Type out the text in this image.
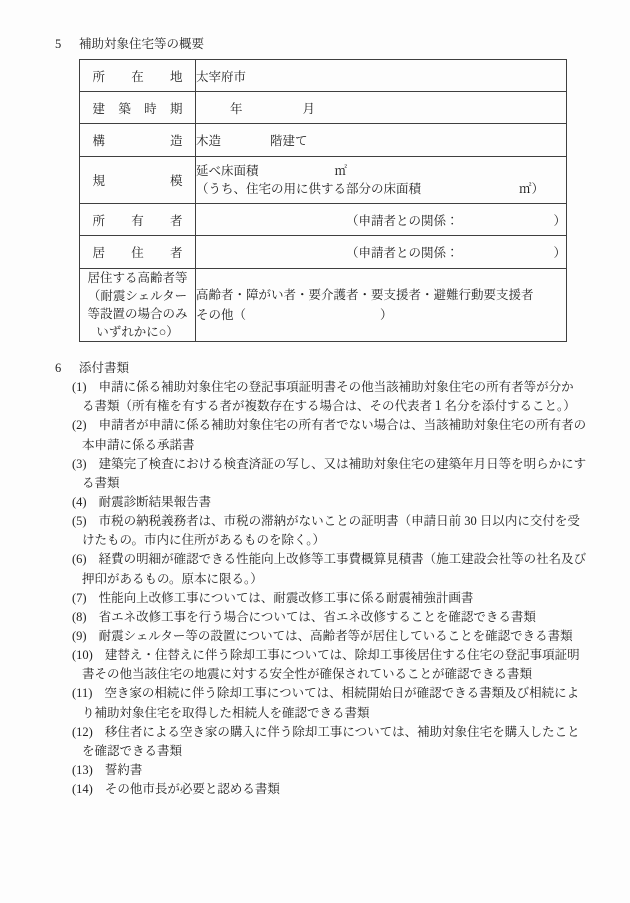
5 補助対象住宅等の概要
所在地	太宰府市

建築時期	年 月

構造	木造 階建て

規模	延べ床面積 ㎡
（うち、住宅の用に供する部分の床面積 ㎡）

所有者	（申請者との関係： ）

居住者	（申請者との関係： ）

居住する高齢者等
（耐震シェルター
等設置の場合のみ
いずれかに○）

高齢者・障がい者・要介護者・要支援者・避難行動要支援者
その他（	）
6 添付書類
(1) 申請に係る補助対象住宅の登記事項証明書その他当該補助対象住宅の所有者等が分か
る書類（所有権を有する者が複数存在する場合は、その代表者１名分を添付すること。）
(2) 申請者が申請に係る補助対象住宅の所有者でない場合は、当該補助対象住宅の所有者の
本申請に係る承諾書
(3) 建築完了検査における検査済証の写し、又は補助対象住宅の建築年月日等を明らかにす
る書類
(4) 耐震診断結果報告書
(5) 市税の納税義務者は、市税の滞納がないことの証明書（申請日前 30 日以内に交付を受
けたもの。市内に住所があるものを除く。）
(6) 経費の明細が確認できる性能向上改修等工事費概算見積書（施工建設会社等の社名及び
押印があるもの。原本に限る。）
(7) 性能向上改修工事については、耐震改修工事に係る耐震補強計画書
(8) 省エネ改修工事を行う場合については、省エネ改修することを確認できる書類
(9) 耐震シェルター等の設置については、高齢者等が居住していることを確認できる書類
(10) 建替え・住替えに伴う除却工事については、除却工事後居住する住宅の登記事項証明
書その他当該住宅の地震に対する安全性が確保されていることが確認できる書類
(11) 空き家の相続に伴う除却工事については、相続開始日が確認できる書類及び相続によ
り補助対象住宅を取得した相続人を確認できる書類
(12) 移住者による空き家の購入に伴う除却工事については、補助対象住宅を購入したこと
を確認できる書類
(13) 誓約書
(14) その他市長が必要と認める書類
